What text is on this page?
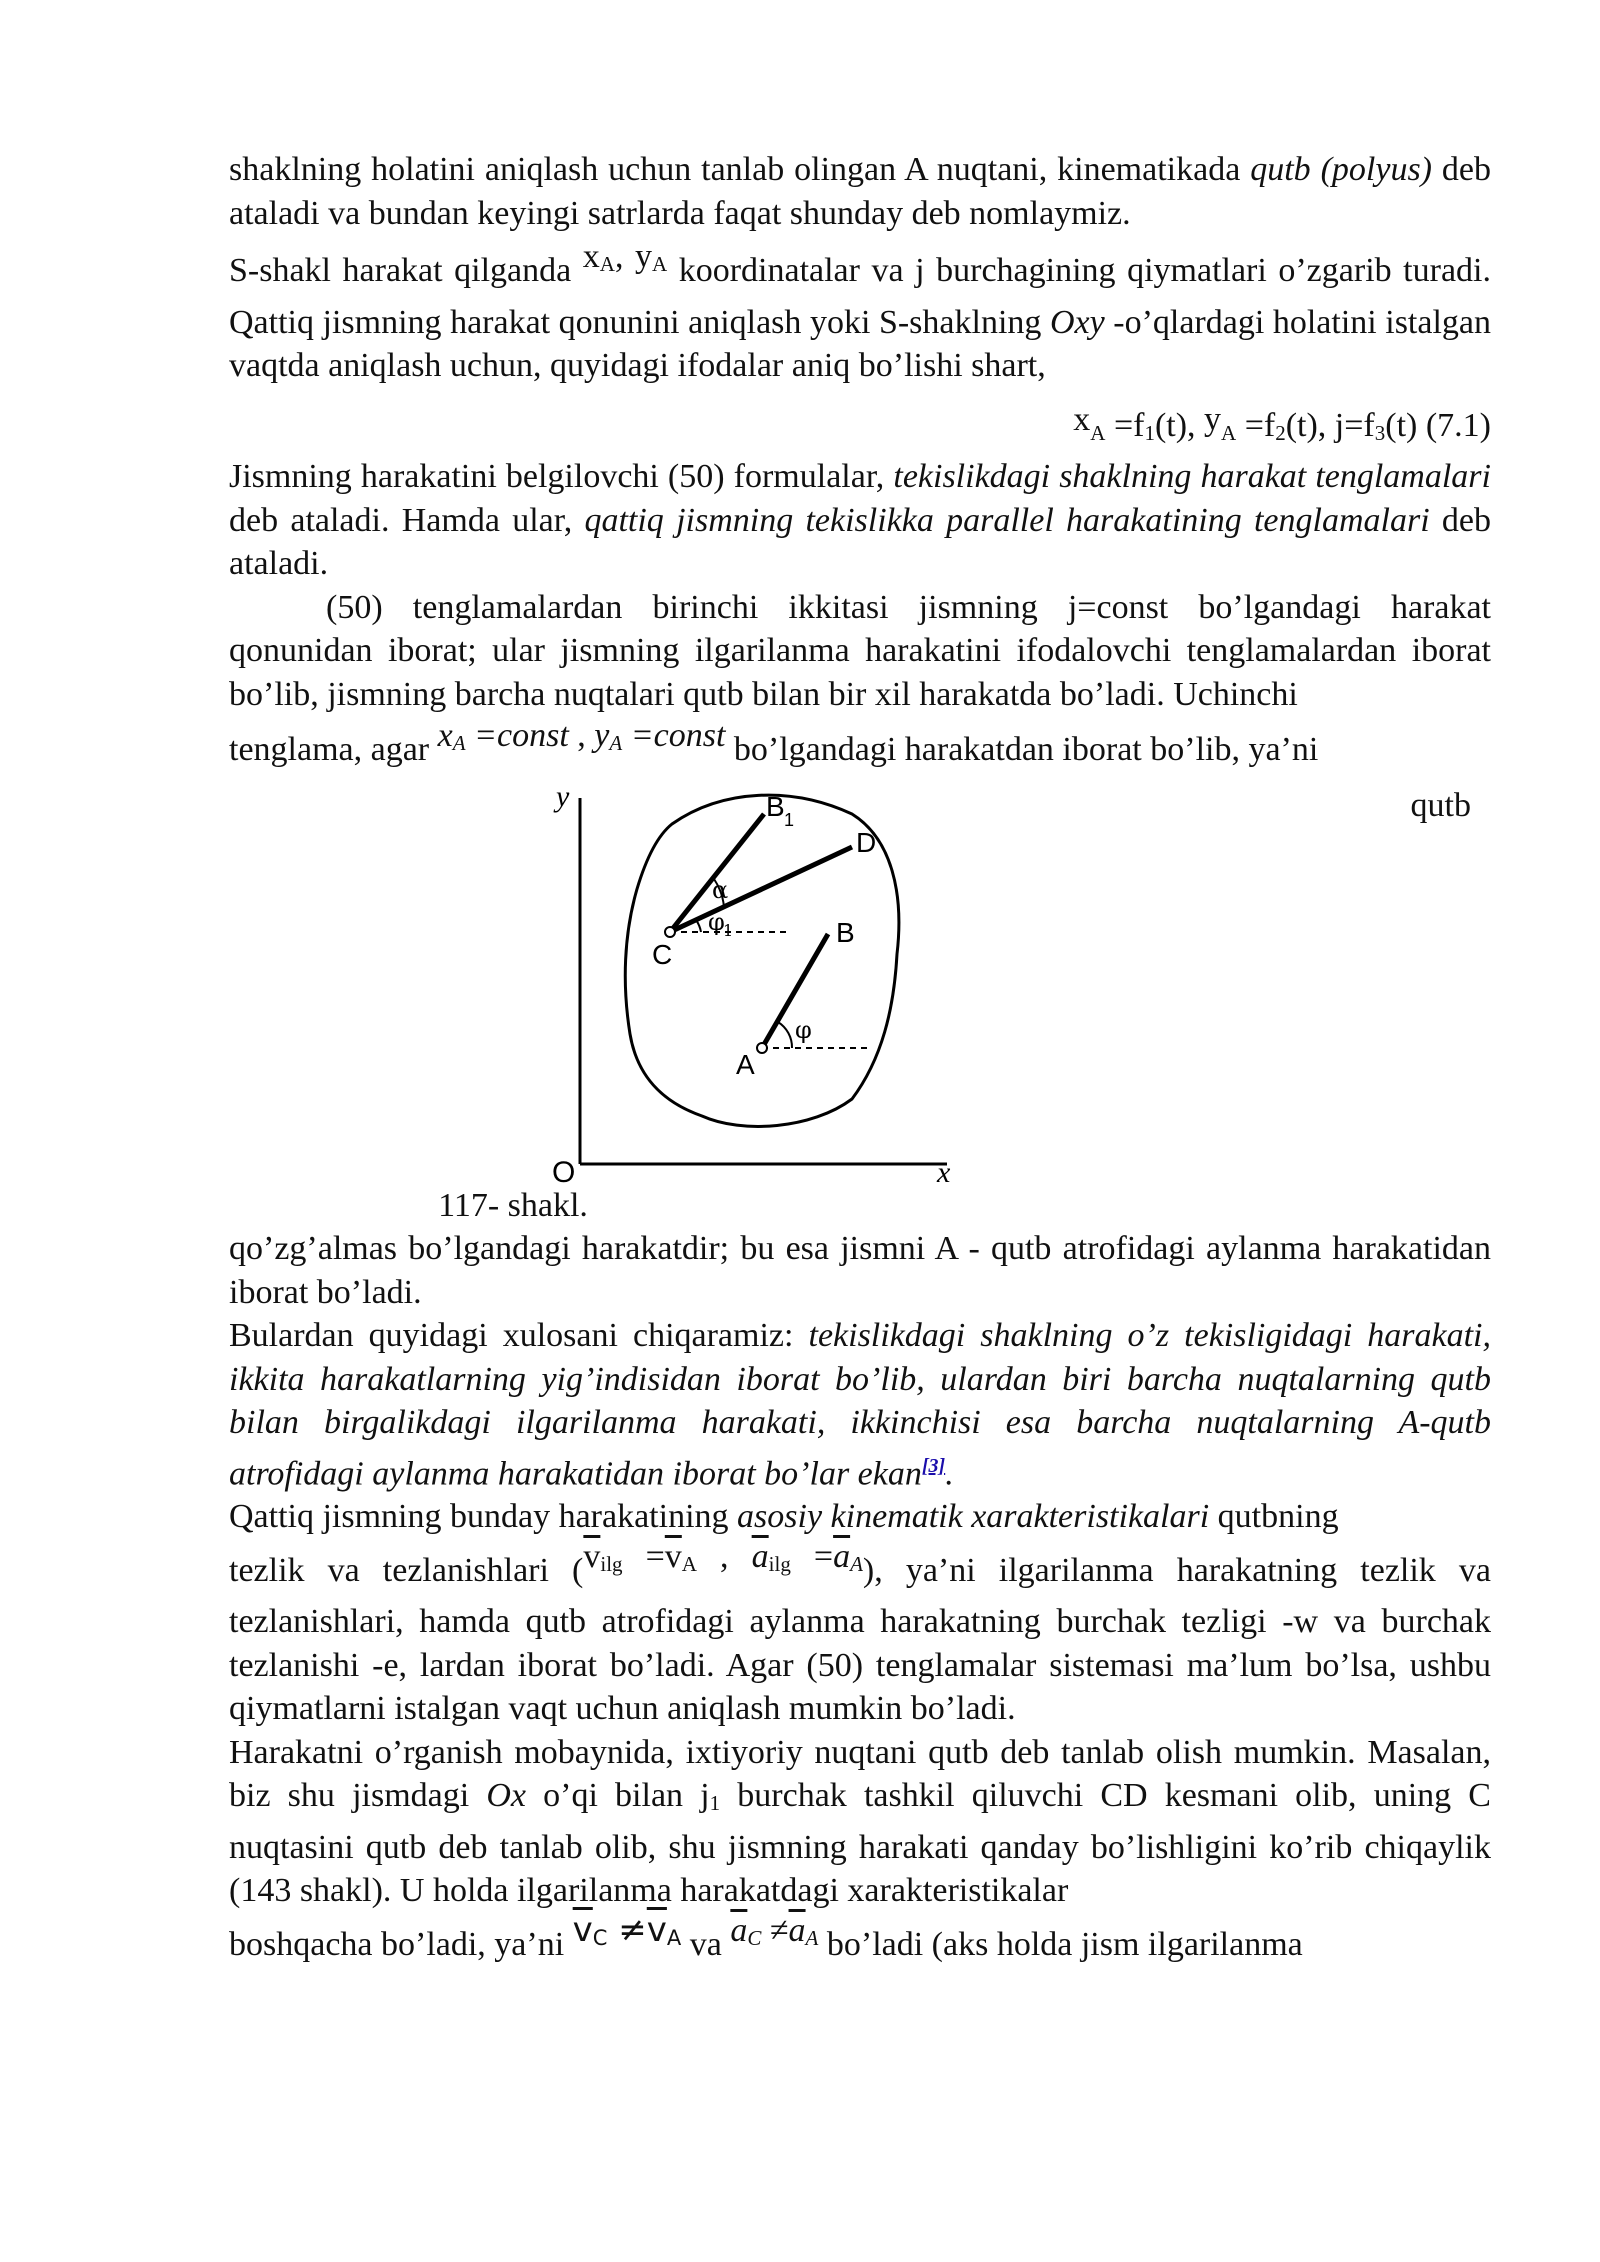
shaklning holatini aniqlash uchun tanlab olingan A nuqtani, kinematikada qutb (polyus) deb ataladi va bundan keyingi satrlarda faqat shunday deb nomlaymiz.

S-shakl harakat qilganda xA, yA koordinatalar va j burchagining qiymatlari o’zgarib turadi. Qattiq jismning harakat qonunini aniqlash yoki S-shaklning Oxy -o’qlardagi holatini istalgan vaqtda aniqlash uchun, quyidagi ifodalar aniq bo’lishi shart,

xA =f1(t), yA =f2(t), j=f3(t) (7.1)

Jismning harakatini belgilovchi (50) formulalar, tekislikdagi shaklning harakat tenglamalari deb ataladi. Hamda ular, qattiq jismning tekislikka parallel harakatining tenglamalari deb ataladi.

(50) tenglamalardan birinchi ikkitasi jismning j=const bo’lgandagi harakat qonunidan iborat; ular jismning ilgarilanma harakatini ifodalovchi tenglamalardan iborat bo’lib, jismning barcha nuqtalari qutb bilan bir xil harakatda bo’ladi. Uchinchi

tenglama, agar xA =const , yA =const bo’lgandagi harakatdan iborat bo’lib, ya’ni

qutb
y
x
O
B 1
D
α
φ
1
C
B
φ
A

117- shakl.

qo’zg’almas bo’lgandagi harakatdir; bu esa jismni A - qutb atrofidagi aylanma harakatidan iborat bo’ladi.

Bulardan quyidagi xulosani chiqaramiz: tekislikdagi shaklning o’z tekisligidagi harakati, ikkita harakatlarning yig’indisidan iborat bo’lib, ulardan biri barcha nuqtalarning qutb bilan birgalikdagi ilgarilanma harakati, ikkinchisi esa barcha nuqtalarning A-qutb atrofidagi aylanma harakatidan iborat bo’lar ekan[3].

Qattiq jismning bunday harakatining asosiy kinematik xarakteristikalari qutbning

tezlik va tezlanishlari ($\overline{v}ilg =\overline{v}A$ , $\overline{a}ilg =\overline{a}A$), ya’ni ilgarilanma harakatning tezlik va tezlanishlari, hamda qutb atrofidagi aylanma harakatning burchak tezligi -w va burchak tezlanishi -e, lardan iborat bo’ladi. Agar (50) tenglamalar sistemasi ma’lum bo’lsa, ushbu qiymatlarni istalgan vaqt uchun aniqlash mumkin bo’ladi.

Harakatni o’rganish mobaynida, ixtiyoriy nuqtani qutb deb tanlab olish mumkin. Masalan, biz shu jismdagi Ox o’qi bilan j1 burchak tashkil qiluvchi CD kesmani olib, uning C nuqtasini qutb deb tanlab olib, shu jismning harakati qanday bo’lishligini ko’rib chiqaylik (143 shakl). U holda ilgarilanma harakatdagi xarakteristikalar

boshqacha bo’ladi, ya’ni $\overline{v}C \ne\overline{v}A$ va $\overline{a}C \ne\overline{a}A$ bo’ladi (aks holda jism ilgarilanma
